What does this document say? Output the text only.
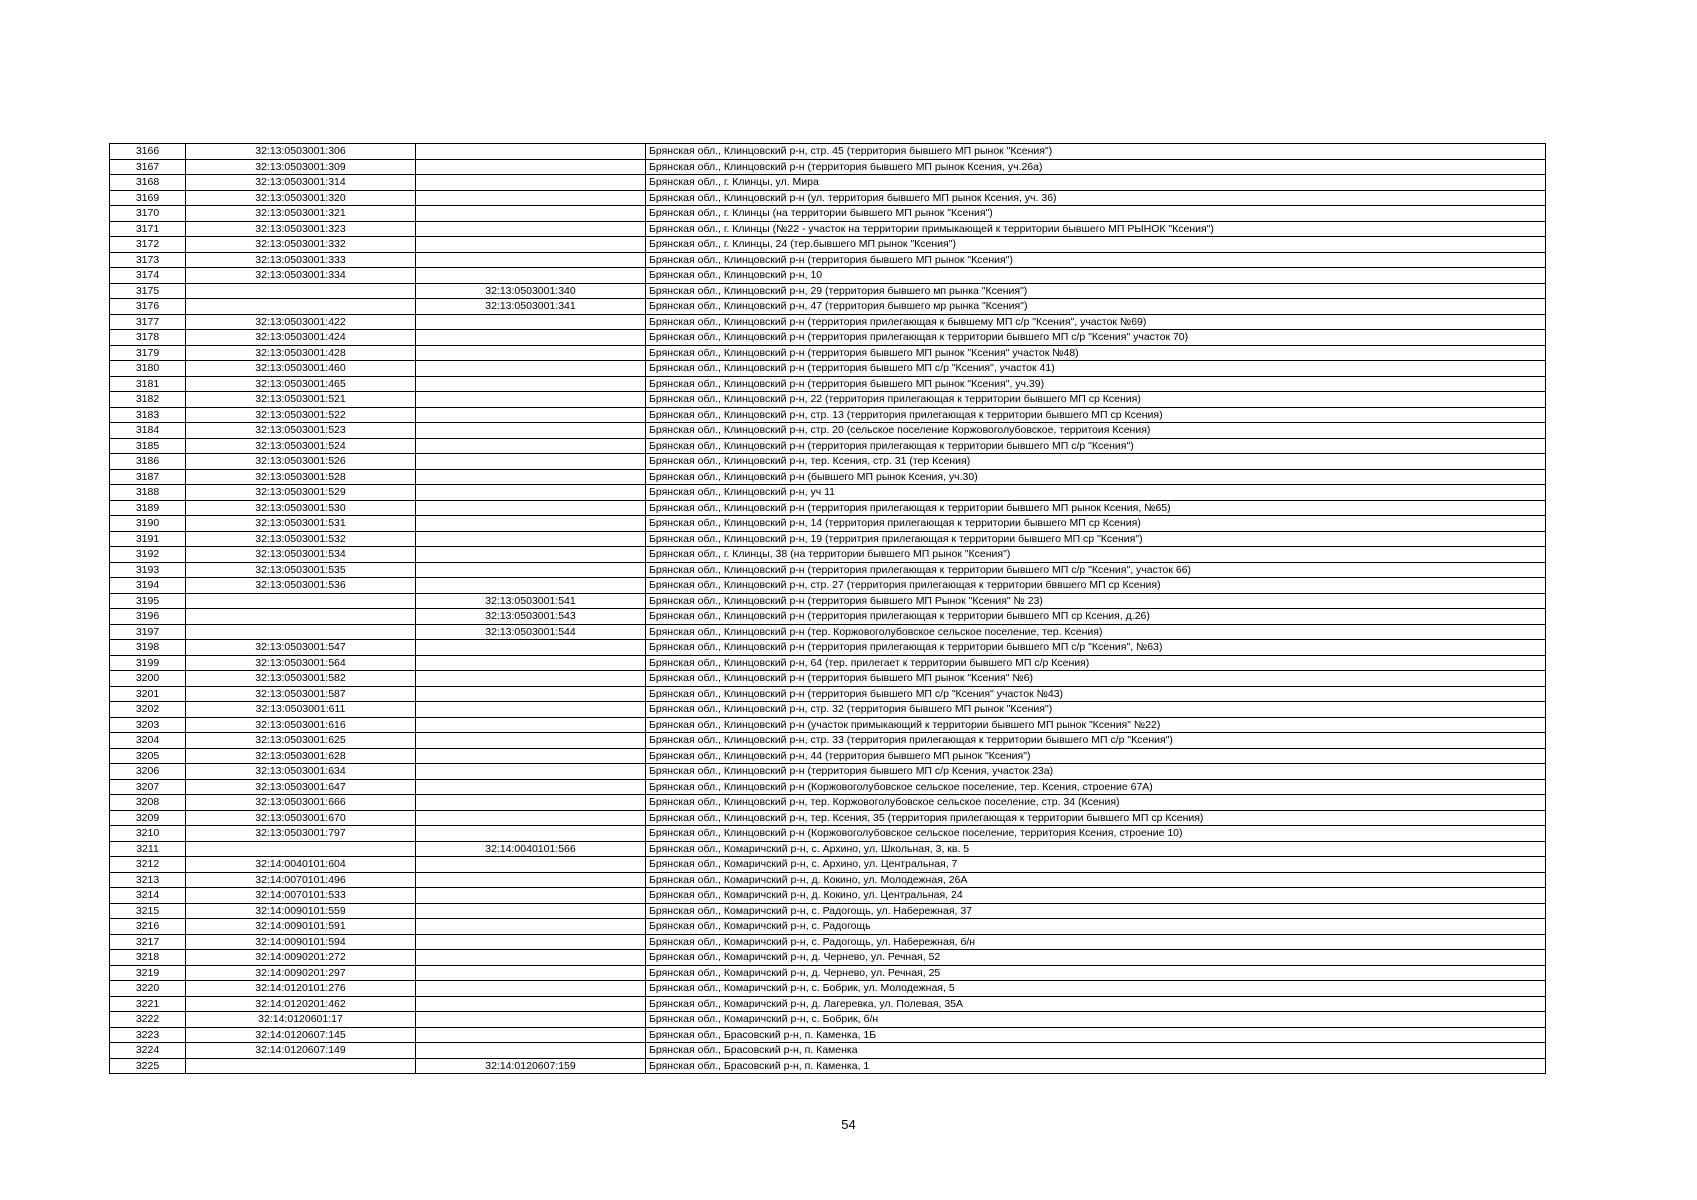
3166	32:13:0503001:306		Брянская обл., Клинцовский р-н, стр. 45 (территория бывшего МП рынок "Ксения")
3167	32:13:0503001:309		Брянская обл., Клинцовский р-н (территория бывшего МП рынок Ксения, уч.26а)
3168	32:13:0503001:314		Брянская обл., г. Клинцы, ул. Мира
3169	32:13:0503001:320		Брянская обл., Клинцовский р-н (ул. территория бывшего МП рынок Ксения, уч. 36)
3170	32:13:0503001:321		Брянская обл., г. Клинцы (на территории бывшего МП рынок "Ксения")
3171	32:13:0503001:323		Брянская обл., г. Клинцы (№22 - участок на территории примыкающей к территории бывшего МП РЫНОК "Ксения")
3172	32:13:0503001:332		Брянская обл., г. Клинцы, 24 (тер.бывшего МП рынок "Ксения")
3173	32:13:0503001:333		Брянская обл., Клинцовский р-н (территория бывшего МП рынок "Ксения")
3174	32:13:0503001:334		Брянская обл., Клинцовский р-н, 10
3175		32:13:0503001:340	Брянская обл., Клинцовский р-н, 29 (территория бывшего мп рынка "Ксения")
3176		32:13:0503001:341	Брянская обл., Клинцовский р-н, 47 (территория бывшего мр рынка "Ксения")
3177	32:13:0503001:422		Брянская обл., Клинцовский р-н (территория прилегающая к бывшему МП с/р "Ксения", участок №69)
3178	32:13:0503001:424		Брянская обл., Клинцовский р-н (территория прилегающая к территории бывшего МП с/р "Ксения" участок 70)
3179	32:13:0503001:428		Брянская обл., Клинцовский р-н (территория бывшего МП рынок "Ксения" участок №48)
3180	32:13:0503001:460		Брянская обл., Клинцовский р-н (территория бывшего МП с/р "Ксения", участок 41)
3181	32:13:0503001:465		Брянская обл., Клинцовский р-н (территория бывшего МП рынок "Ксения", уч.39)
3182	32:13:0503001:521		Брянская обл., Клинцовский р-н, 22 (территория прилегающая к территории бывшего МП ср Ксения)
3183	32:13:0503001:522		Брянская обл., Клинцовский р-н, стр. 13 (территория прилегающая к территории бывшего МП ср Ксения)
3184	32:13:0503001:523		Брянская обл., Клинцовский р-н, стр. 20 (сельское поселение Коржовоголубовское, территоия Ксения)
3185	32:13:0503001:524		Брянская обл., Клинцовский р-н (территория прилегающая к территории бывшего МП с/р "Ксения")
3186	32:13:0503001:526		Брянская обл., Клинцовский р-н, тер. Ксения, стр. 31 (тер Ксения)
3187	32:13:0503001:528		Брянская обл., Клинцовский р-н (бывшего МП рынок Ксения, уч.30)
3188	32:13:0503001:529		Брянская обл., Клинцовский р-н, уч 11
3189	32:13:0503001:530		Брянская обл., Клинцовский р-н (территория прилегающая к территории бывшего МП рынок Ксения, №65)
3190	32:13:0503001:531		Брянская обл., Клинцовский р-н, 14 (территория прилегающая к территории бывшего МП ср Ксения)
3191	32:13:0503001:532		Брянская обл., Клинцовский р-н, 19 (территрия прилегающая к территории бывшего МП ср "Ксения")
3192	32:13:0503001:534		Брянская обл., г. Клинцы, 38 (на территории бывшего МП рынок "Ксения")
3193	32:13:0503001:535		Брянская обл., Клинцовский р-н (территория прилегающая к территории бывшего МП с/р "Ксения", участок 66)
3194	32:13:0503001:536		Брянская обл., Клинцовский р-н, стр. 27 (территория прилегающая к территории бввшего МП ср Ксения)
3195		32:13:0503001:541	Брянская обл., Клинцовский р-н (территория бывшего МП Рынок "Ксения" № 23)
3196		32:13:0503001:543	Брянская обл., Клинцовский р-н (территория прилегающая к территории бывшего МП ср Ксения, д.26)
3197		32:13:0503001:544	Брянская обл., Клинцовский р-н (тер. Коржовоголубовское сельское поселение, тер. Ксения)
3198	32:13:0503001:547		Брянская обл., Клинцовский р-н (территория прилегающая к территории бывшего МП с/р "Ксения", №63)
3199	32:13:0503001:564		Брянская обл., Клинцовский р-н, 64 (тер. прилегает к территории бывшего МП с/р Ксения)
3200	32:13:0503001:582		Брянская обл., Клинцовский р-н (территория бывшего МП рынок "Ксения" №6)
3201	32:13:0503001:587		Брянская обл., Клинцовский р-н (территория бывшего МП с/р "Ксения" участок №43)
3202	32:13:0503001:611		Брянская обл., Клинцовский р-н, стр. 32 (территория бывшего МП рынок "Ксения")
3203	32:13:0503001:616		Брянская обл., Клинцовский р-н (участок примыкающий к территории бывшего МП рынок "Ксения" №22)
3204	32:13:0503001:625		Брянская обл., Клинцовский р-н, стр. 33 (территория прилегающая к территории бывшего МП с/р "Ксения")
3205	32:13:0503001:628		Брянская обл., Клинцовский р-н, 44 (территория бывшего МП рынок "Ксения")
3206	32:13:0503001:634		Брянская обл., Клинцовский р-н (территория бывшего МП с/р Ксения, участок 23а)
3207	32:13:0503001:647		Брянская обл., Клинцовский р-н (Коржовоголубовское сельское поселение, тер. Ксения, строение 67А)
3208	32:13:0503001:666		Брянская обл., Клинцовский р-н, тер. Коржовоголубовское сельское поселение, стр. 34 (Ксения)
3209	32:13:0503001:670		Брянская обл., Клинцовский р-н, тер. Ксения, 35 (территория прилегающая к территории бывшего МП ср Ксения)
3210	32:13:0503001:797		Брянская обл., Клинцовский р-н (Коржовоголубовское сельское поселение, территория Ксения, строение 10)
3211		32:14:0040101:566	Брянская обл., Комаричский р-н, с. Архино, ул. Школьная, 3, кв. 5
3212	32:14:0040101:604		Брянская обл., Комаричский р-н, с. Архино, ул. Центральная, 7
3213	32:14:0070101:496		Брянская обл., Комаричский р-н, д. Кокино, ул. Молодежная, 26А
3214	32:14:0070101:533		Брянская обл., Комаричский р-н, д. Кокино, ул. Центральная, 24
3215	32:14:0090101:559		Брянская обл., Комаричский р-н, с. Радогощь, ул. Набережная, 37
3216	32:14:0090101:591		Брянская обл., Комаричский р-н, с. Радогощь
3217	32:14:0090101:594		Брянская обл., Комаричский р-н, с. Радогощь, ул. Набережная, б/н
3218	32:14:0090201:272		Брянская обл., Комаричский р-н, д. Чернево, ул. Речная, 52
3219	32:14:0090201:297		Брянская обл., Комаричский р-н, д. Чернево, ул. Речная, 25
3220	32:14:0120101:276		Брянская обл., Комаричский р-н, с. Бобрик, ул. Молодежная, 5
3221	32:14:0120201:462		Брянская обл., Комаричский р-н, д. Лагеревка, ул. Полевая, 35А
3222	32:14:0120601:17		Брянская обл., Комаричский р-н, с. Бобрик, б/н
3223	32:14:0120607:145		Брянская обл., Брасовский р-н, п. Каменка, 1Б
3224	32:14:0120607:149		Брянская обл., Брасовский р-н, п. Каменка
3225		32:14:0120607:159	Брянская обл., Брасовский р-н, п. Каменка, 1
54
